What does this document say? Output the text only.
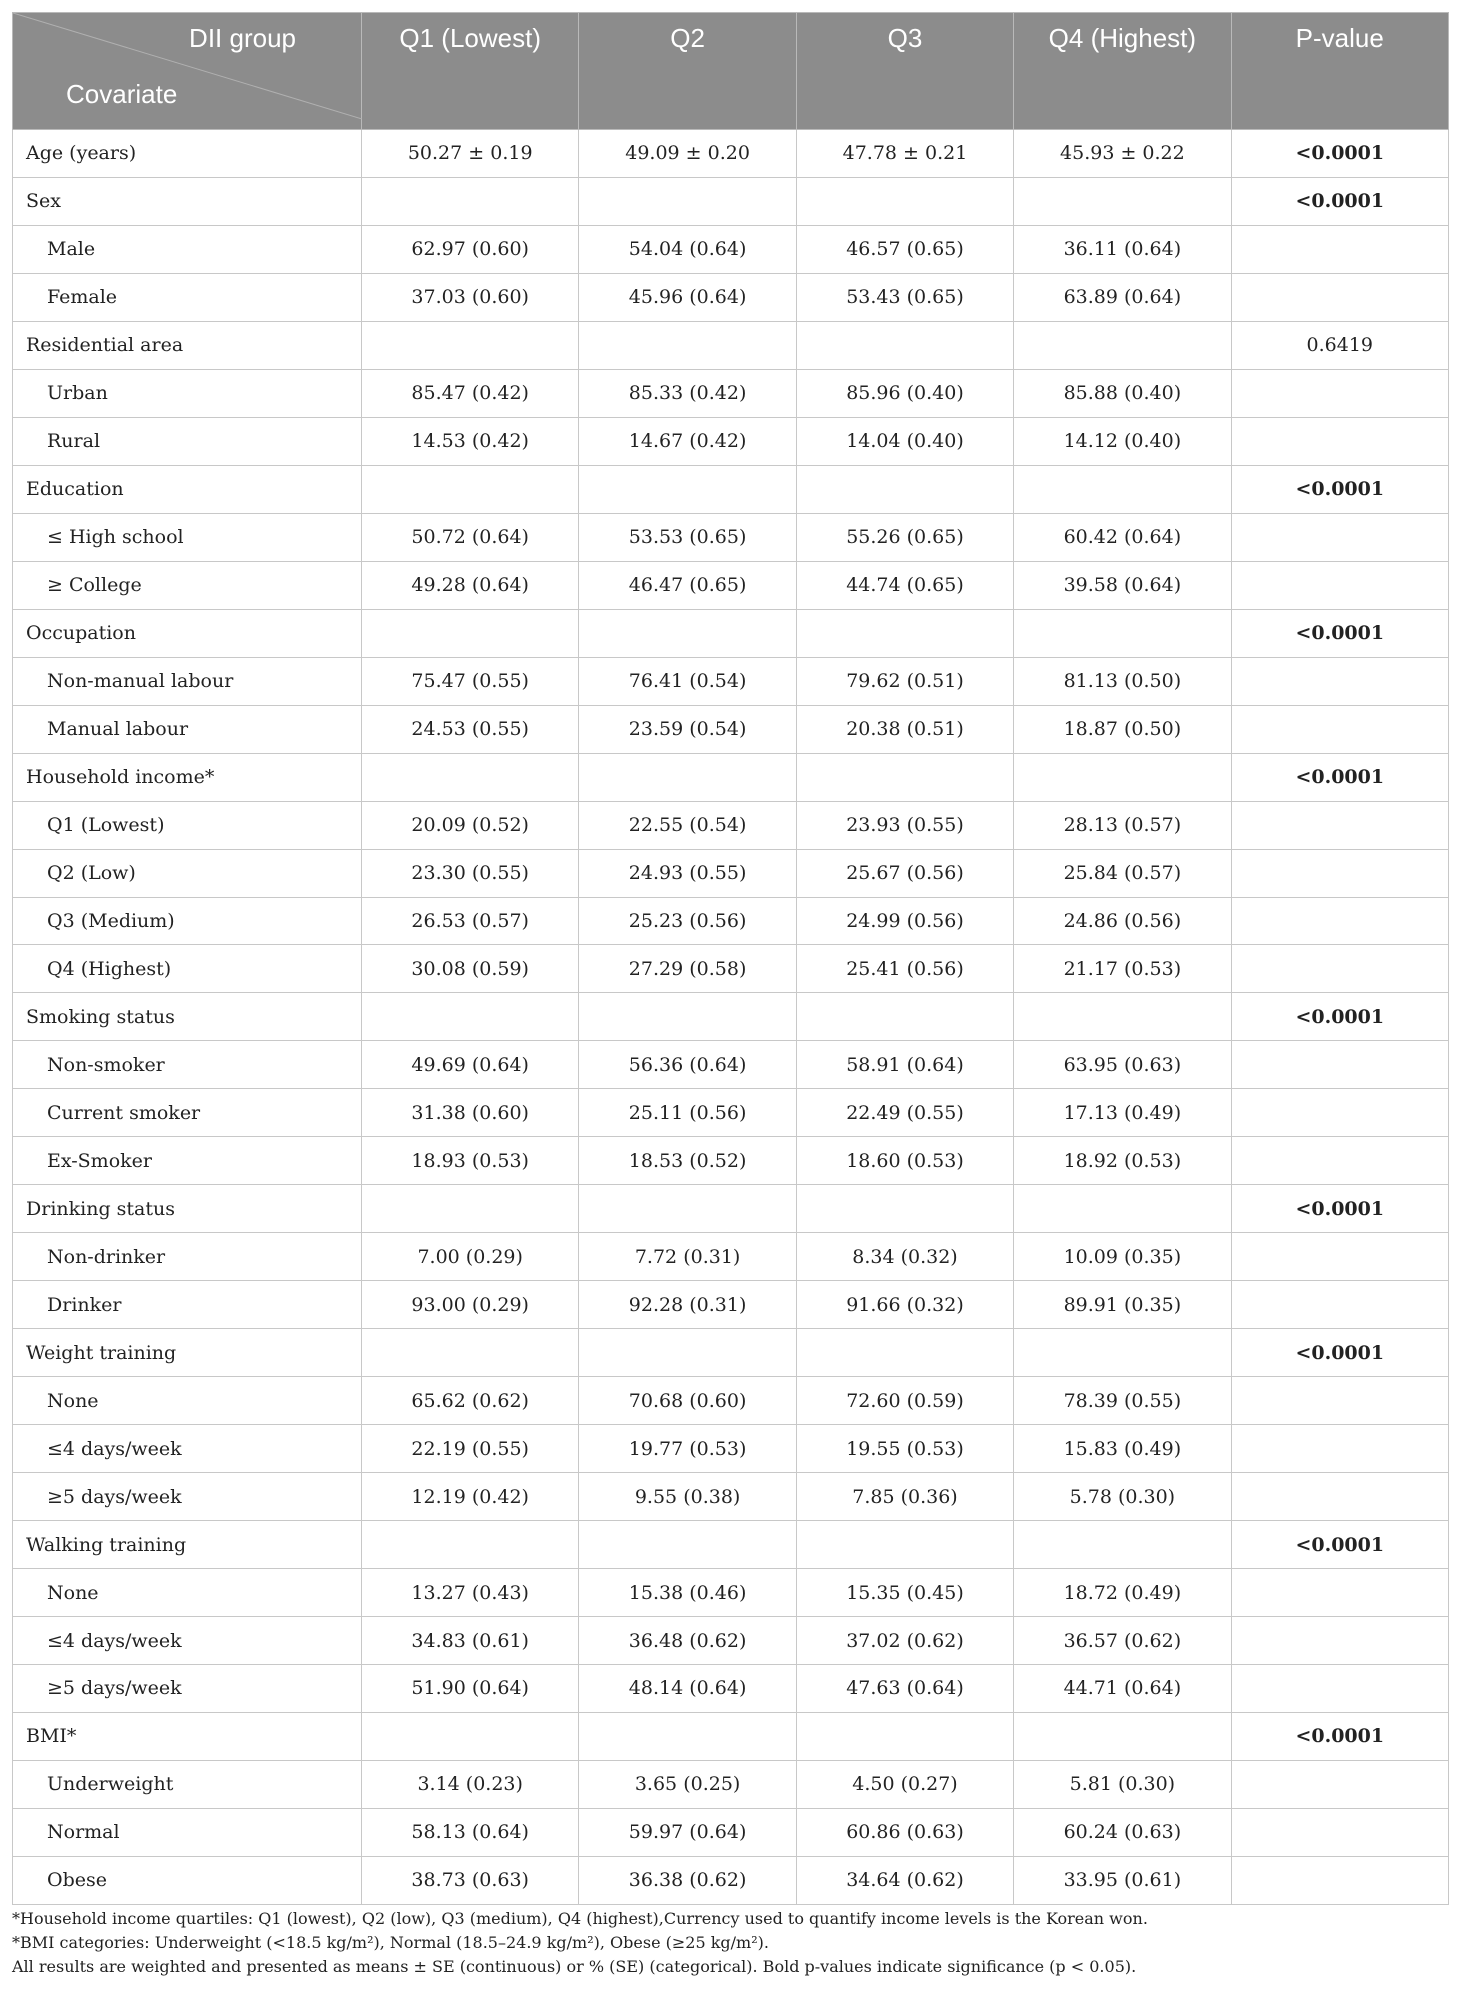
DII group
Covariate	Q1 (Lowest)	Q2	Q3	Q4 (Highest)	P-value
Age (years)	50.27 ± 0.19	49.09 ± 0.20	47.78 ± 0.21	45.93 ± 0.22	<0.0001
Sex					<0.0001
Male	62.97 (0.60)	54.04 (0.64)	46.57 (0.65)	36.11 (0.64)	
Female	37.03 (0.60)	45.96 (0.64)	53.43 (0.65)	63.89 (0.64)	
Residential area					0.6419
Urban	85.47 (0.42)	85.33 (0.42)	85.96 (0.40)	85.88 (0.40)	
Rural	14.53 (0.42)	14.67 (0.42)	14.04 (0.40)	14.12 (0.40)	
Education					<0.0001
≤ High school	50.72 (0.64)	53.53 (0.65)	55.26 (0.65)	60.42 (0.64)	
≥ College	49.28 (0.64)	46.47 (0.65)	44.74 (0.65)	39.58 (0.64)	
Occupation					<0.0001
Non-manual labour	75.47 (0.55)	76.41 (0.54)	79.62 (0.51)	81.13 (0.50)	
Manual labour	24.53 (0.55)	23.59 (0.54)	20.38 (0.51)	18.87 (0.50)	
Household income*					<0.0001
Q1 (Lowest)	20.09 (0.52)	22.55 (0.54)	23.93 (0.55)	28.13 (0.57)	
Q2 (Low)	23.30 (0.55)	24.93 (0.55)	25.67 (0.56)	25.84 (0.57)	
Q3 (Medium)	26.53 (0.57)	25.23 (0.56)	24.99 (0.56)	24.86 (0.56)	
Q4 (Highest)	30.08 (0.59)	27.29 (0.58)	25.41 (0.56)	21.17 (0.53)	
Smoking status					<0.0001
Non-smoker	49.69 (0.64)	56.36 (0.64)	58.91 (0.64)	63.95 (0.63)	
Current smoker	31.38 (0.60)	25.11 (0.56)	22.49 (0.55)	17.13 (0.49)	
Ex-Smoker	18.93 (0.53)	18.53 (0.52)	18.60 (0.53)	18.92 (0.53)	
Drinking status					<0.0001
Non-drinker	7.00 (0.29)	7.72 (0.31)	8.34 (0.32)	10.09 (0.35)	
Drinker	93.00 (0.29)	92.28 (0.31)	91.66 (0.32)	89.91 (0.35)	
Weight training					<0.0001
None	65.62 (0.62)	70.68 (0.60)	72.60 (0.59)	78.39 (0.55)	
≤4 days/week	22.19 (0.55)	19.77 (0.53)	19.55 (0.53)	15.83 (0.49)	
≥5 days/week	12.19 (0.42)	9.55 (0.38)	7.85 (0.36)	5.78 (0.30)	
Walking training					<0.0001
None	13.27 (0.43)	15.38 (0.46)	15.35 (0.45)	18.72 (0.49)	
≤4 days/week	34.83 (0.61)	36.48 (0.62)	37.02 (0.62)	36.57 (0.62)	
≥5 days/week	51.90 (0.64)	48.14 (0.64)	47.63 (0.64)	44.71 (0.64)	
BMI*					<0.0001
Underweight	3.14 (0.23)	3.65 (0.25)	4.50 (0.27)	5.81 (0.30)	
Normal	58.13 (0.64)	59.97 (0.64)	60.86 (0.63)	60.24 (0.63)	
Obese	38.73 (0.63)	36.38 (0.62)	34.64 (0.62)	33.95 (0.61)	
*Household income quartiles: Q1 (lowest), Q2 (low), Q3 (medium), Q4 (highest),Currency used to quantify income levels is the Korean won.
*BMI categories: Underweight (<18.5 kg/m²), Normal (18.5–24.9 kg/m²), Obese (≥25 kg/m²).
All results are weighted and presented as means ± SE (continuous) or % (SE) (categorical). Bold p-values indicate significance (p < 0.05).
